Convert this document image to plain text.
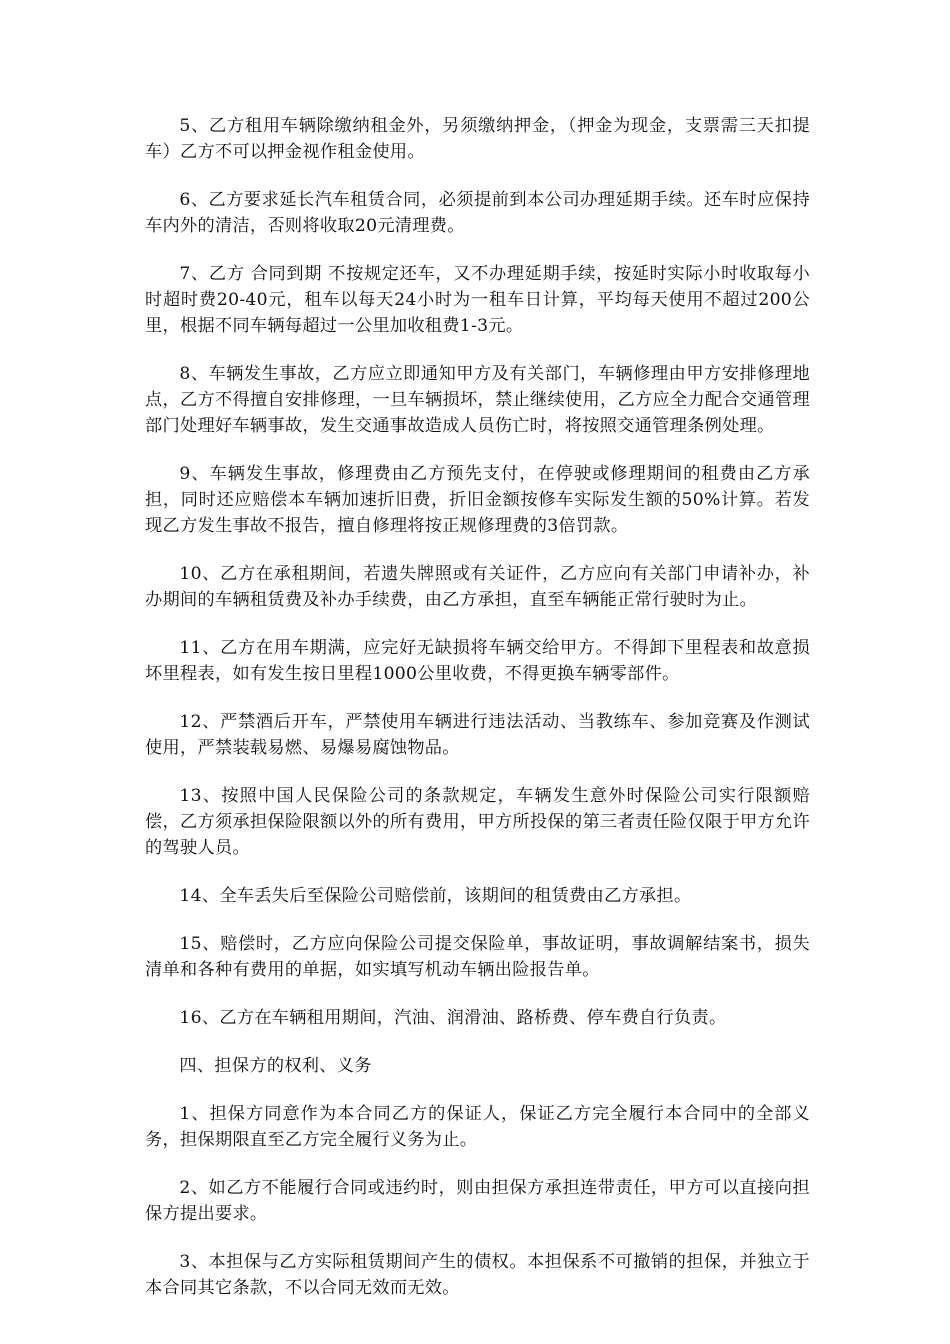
5、乙方租用车辆除缴纳租金外，另须缴纳押金，（押金为现金，支票需三天扣提车）乙方不可以押金视作租金使用。

6、乙方要求延长汽车租赁合同，必须提前到本公司办理延期手续。还车时应保持车内外的清洁，否则将收取20元清理费。

7、乙方 合同到期 不按规定还车，又不办理延期手续，按延时实际小时收取每小时超时费20-40元，租车以每天24小时为一租车日计算，平均每天使用不超过200公里，根据不同车辆每超过一公里加收租费1-3元。

8、车辆发生事故，乙方应立即通知甲方及有关部门，车辆修理由甲方安排修理地点，乙方不得擅自安排修理，一旦车辆损坏，禁止继续使用，乙方应全力配合交通管理部门处理好车辆事故，发生交通事故造成人员伤亡时，将按照交通管理条例处理。

9、车辆发生事故，修理费由乙方预先支付，在停驶或修理期间的租费由乙方承担，同时还应赔偿本车辆加速折旧费，折旧金额按修车实际发生额的50%计算。若发现乙方发生事故不报告，擅自修理将按正规修理费的3倍罚款。

10、乙方在承租期间，若遗失牌照或有关证件，乙方应向有关部门申请补办，补办期间的车辆租赁费及补办手续费，由乙方承担，直至车辆能正常行驶时为止。

11、乙方在用车期满，应完好无缺损将车辆交给甲方。不得卸下里程表和故意损坏里程表，如有发生按日里程1000公里收费，不得更换车辆零部件。

12、严禁酒后开车，严禁使用车辆进行违法活动、当教练车、参加竞赛及作测试使用，严禁装载易燃、易爆易腐蚀物品。

13、按照中国人民保险公司的条款规定，车辆发生意外时保险公司实行限额赔偿，乙方须承担保险限额以外的所有费用，甲方所投保的第三者责任险仅限于甲方允许的驾驶人员。

14、全车丢失后至保险公司赔偿前，该期间的租赁费由乙方承担。

15、赔偿时，乙方应向保险公司提交保险单，事故证明，事故调解结案书，损失清单和各种有费用的单据，如实填写机动车辆出险报告单。

16、乙方在车辆租用期间，汽油、润滑油、路桥费、停车费自行负责。

四、担保方的权利、义务

1、担保方同意作为本合同乙方的保证人，保证乙方完全履行本合同中的全部义务，担保期限直至乙方完全履行义务为止。

2、如乙方不能履行合同或违约时，则由担保方承担连带责任，甲方可以直接向担保方提出要求。

3、本担保与乙方实际租赁期间产生的债权。本担保系不可撤销的担保，并独立于本合同其它条款，不以合同无效而无效。
